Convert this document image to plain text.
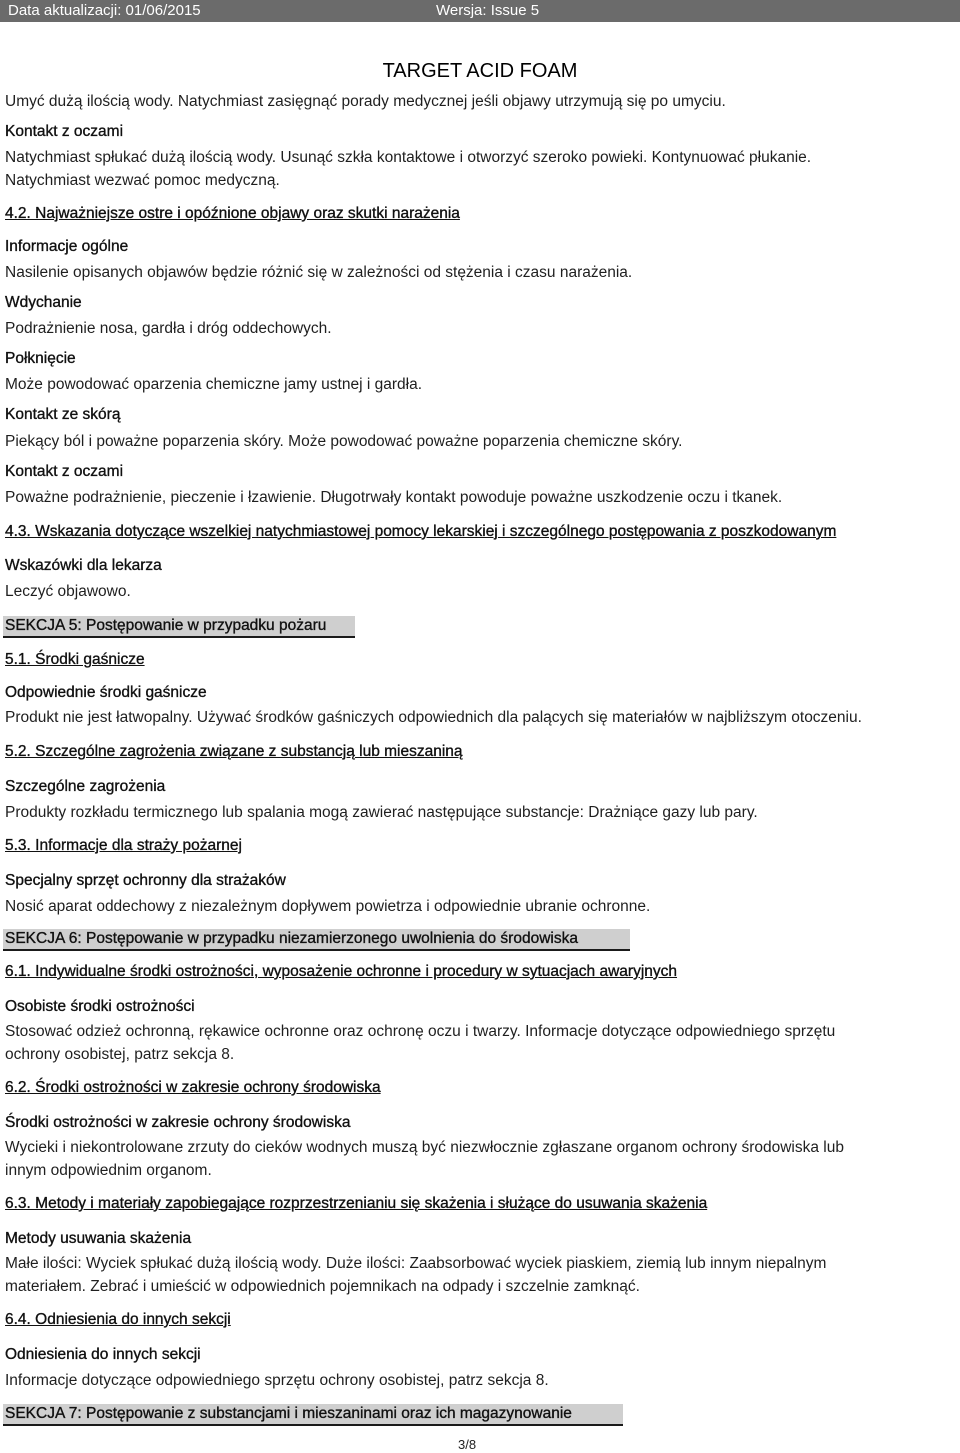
Data aktualizacji: 01/06/2015	Wersja: Issue 5
TARGET ACID FOAM
Umyć dużą ilością wody. Natychmiast zasięgnąć porady medycznej jeśli objawy utrzymują się po umyciu.
Kontakt z oczami
Natychmiast spłukać dużą ilością wody. Usunąć szkła kontaktowe i otworzyć szeroko powieki. Kontynuować płukanie.
Natychmiast wezwać pomoc medyczną.
4.2. Najważniejsze ostre i opóźnione objawy oraz skutki narażenia
Informacje ogólne
Nasilenie opisanych objawów będzie różnić się w zależności od stężenia i czasu narażenia.
Wdychanie
Podrażnienie nosa, gardła i dróg oddechowych.
Połknięcie
Może powodować oparzenia chemiczne jamy ustnej i gardła.
Kontakt ze skórą
Piekący ból i poważne poparzenia skóry. Może powodować poważne poparzenia chemiczne skóry.
Kontakt z oczami
Poważne podrażnienie, pieczenie i łzawienie. Długotrwały kontakt powoduje poważne uszkodzenie oczu i tkanek.
4.3. Wskazania dotyczące wszelkiej natychmiastowej pomocy lekarskiej i szczególnego postępowania z poszkodowanym
Wskazówki dla lekarza
Leczyć objawowo.
SEKCJA 5: Postępowanie w przypadku pożaru
5.1. Środki gaśnicze
Odpowiednie środki gaśnicze
Produkt nie jest łatwopalny. Używać środków gaśniczych odpowiednich dla palących się materiałów w najbliższym otoczeniu.
5.2. Szczególne zagrożenia związane z substancją lub mieszaniną
Szczególne zagrożenia
Produkty rozkładu termicznego lub spalania mogą zawierać następujące substancje: Drażniące gazy lub pary.
5.3. Informacje dla straży pożarnej
Specjalny sprzęt ochronny dla strażaków
Nosić aparat oddechowy z niezależnym dopływem powietrza i odpowiednie ubranie ochronne.
SEKCJA 6: Postępowanie w przypadku niezamierzonego uwolnienia do środowiska
6.1. Indywidualne środki ostrożności, wyposażenie ochronne i procedury w sytuacjach awaryjnych
Osobiste środki ostrożności
Stosować odzież ochronną, rękawice ochronne oraz ochronę oczu i twarzy. Informacje dotyczące odpowiedniego sprzętu
ochrony osobistej, patrz sekcja 8.
6.2. Środki ostrożności w zakresie ochrony środowiska
Środki ostrożności w zakresie ochrony środowiska
Wycieki i niekontrolowane zrzuty do cieków wodnych muszą być niezwłocznie zgłaszane organom ochrony środowiska lub
innym odpowiednim organom.
6.3. Metody i materiały zapobiegające rozprzestrzenianiu się skażenia i służące do usuwania skażenia
Metody usuwania skażenia
Małe ilości: Wyciek spłukać dużą ilością wody. Duże ilości: Zaabsorbować wyciek piaskiem, ziemią lub innym niepalnym
materiałem. Zebrać i umieścić w odpowiednich pojemnikach na odpady i szczelnie zamknąć.
6.4. Odniesienia do innych sekcji
Odniesienia do innych sekcji
Informacje dotyczące odpowiedniego sprzętu ochrony osobistej, patrz sekcja 8.
SEKCJA 7: Postępowanie z substancjami i mieszaninami oraz ich magazynowanie
3/8
